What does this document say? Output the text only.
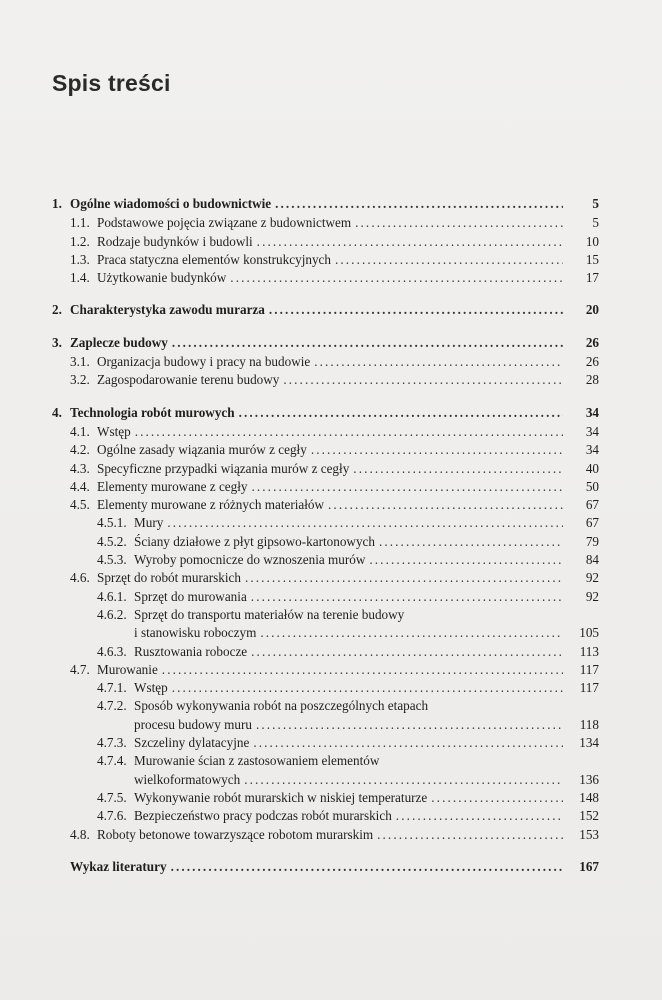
Spis treści
1. Ogólne wiadomości o budownictwie . . .	5
1.1. Podstawowe pojęcia związane z budownictwem . . .	5
1.2. Rodzaje budynków i budowli . . .	10
1.3. Praca statyczna elementów konstrukcyjnych . . .	15
1.4. Użytkowanie budynków . . .	17
2. Charakterystyka zawodu murarza . . .	20
3. Zaplecze budowy . . .	26
3.1. Organizacja budowy i pracy na budowie . . .	26
3.2. Zagospodarowanie terenu budowy . . .	28
4. Technologia robót murowych . . .	34
4.1. Wstęp . . .	34
4.2. Ogólne zasady wiązania murów z cegły . . .	34
4.3. Specyficzne przypadki wiązania murów z cegły . . .	40
4.4. Elementy murowane z cegły . . .	50
4.5. Elementy murowane z różnych materiałów . . .	67
4.5.1. Mury . . .	67
4.5.2. Ściany działowe z płyt gipsowo-kartonowych . . .	79
4.5.3. Wyroby pomocnicze do wznoszenia murów . . .	84
4.6. Sprzęt do robót murarskich . . .	92
4.6.1. Sprzęt do murowania . . .	92
4.6.2. Sprzęt do transportu materiałów na terenie budowy
i stanowisku roboczym . . .	105
4.6.3. Rusztowania robocze . . .	113
4.7. Murowanie . . .	117
4.7.1. Wstęp . . .	117
4.7.2. Sposób wykonywania robót na poszczególnych etapach
procesu budowy muru . . .	118
4.7.3. Szczeliny dylatacyjne . . .	134
4.7.4. Murowanie ścian z zastosowaniem elementów
wielkoformatowych . . .	136
4.7.5. Wykonywanie robót murarskich w niskiej temperaturze . . .	148
4.7.6. Bezpieczeństwo pracy podczas robót murarskich . . .	152
4.8. Roboty betonowe towarzyszące robotom murarskim . . .	153
Wykaz literatury . . .	167
